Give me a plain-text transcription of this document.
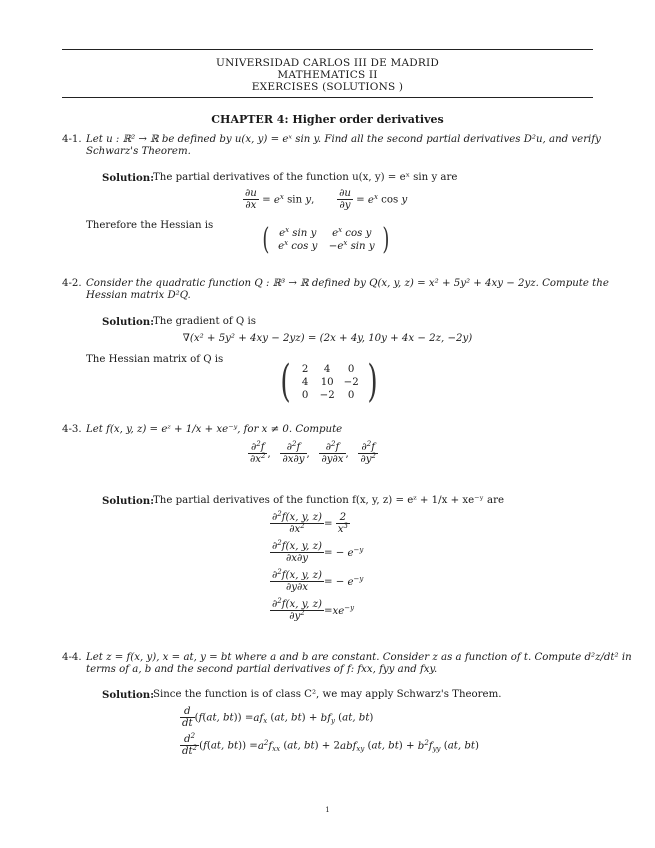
UNIVERSIDAD CARLOS III DE MADRID
MATHEMATICS II
EXERCISES (SOLUTIONS )
CHAPTER 4: Higher order derivatives
4-1. Let u : ℝ² → ℝ be defined by u(x, y) = eˣ sin y. Find all the second partial derivatives D²u, and verify
Schwarz's Theorem.
Solution: The partial derivatives of the function u(x, y) = eˣ sin y are
$\frac{\partial u}{\partial x} = e^x$ sin y, $\frac{\partial u}{\partial y} = e^x$ cos y
Therefore the Hessian is ( $e^x$ sin y	$e^x$ cos y
$e^x$ cos y	$-e^x$ sin y )
4-2. Consider the quadratic function Q : ℝ³ → ℝ defined by Q(x, y, z) = x² + 5y² + 4xy − 2yz. Compute the
Hessian matrix D²Q.
Solution: The gradient of Q is
∇(x² + 5y² + 4xy − 2yz) = (2x + 4y, 10y + 4x − 2z, −2y)
The Hessian matrix of Q is (	2	4	0
4	10 −2
0	−2	0 )
4-3. Let f(x, y, z) = eᶻ + 1/x + xe⁻ʸ, for x ≠ 0. Compute
$\frac{\partial^2f}{\partial x^2}$ , $\frac{\partial^2f}{\partial x\partial y}$ , $\frac{\partial^2f}{\partial y\partial x}$ , $\frac{\partial^2f}{\partial y^2}$
Solution: The partial derivatives of the function f(x, y, z) = eᶻ + 1/x + xe⁻ʸ are
$\frac{\partial^2f(x, y, z)}{\partial x^2} = \frac{2}{x^3}$
$\frac{\partial^2f(x, y, z)}{\partial x\partial y}$ = − $e^{-y}$
$\frac{\partial^2f(x, y, z)}{\partial y\partial x}$ = − $e^{-y}$
$\frac{\partial^2f(x, y, z)}{\partial y^2} =xe^{-y}$
4-4. Let z = f(x, y), x = at, y = bt where a and b are constant. Consider z as a function of t. Compute d²z/dt² in
terms of a, b and the second partial derivatives of f: fxx, fyy and fxy.
Solution: Since the function is of class C², we may apply Schwarz's Theorem.
$\frac{d}{dt} (f(at$, $bt)) =af_x$ (at, $bt) + bf_y$ (at, bt)
$\frac{d^2}{dt^2} (f(at$, $bt)) =a^2f_{xx}$ (at, bt) + 2abf$_{xy}$ (at, $bt) + b^2f_{yy}$ (at, bt)
1
